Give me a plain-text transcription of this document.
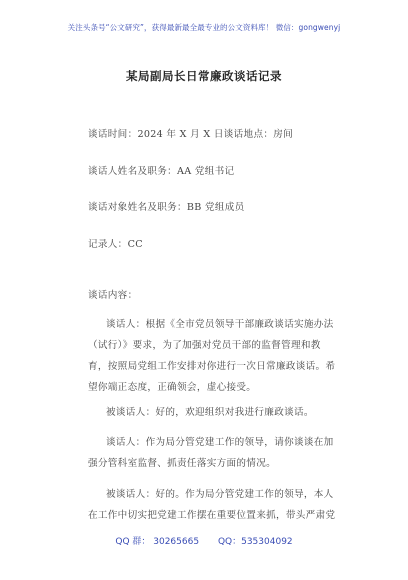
关注头条号“公文研究”，获得最新最全最专业的公文资料库！ 微信：gongwenyj
某局副局长日常廉政谈话记录
谈话时间：2024 年 X 月 X 日谈话地点：房间
谈话人姓名及职务：AA 党组书记
谈话对象姓名及职务：BB 党组成员
记录人：CC
谈话内容：
谈话人：根据《全市党员领导干部廉政谈话实施办法（试行）》要求，为了加强对党员干部的监督管理和教育，按照局党组工作安排对你进行一次日常廉政谈话。希望你端正态度，正确领会，虚心接受。
被谈话人：好的，欢迎组织对我进行廉政谈话。
谈话人：作为局分管党建工作的领导，请你谈谈在加强分管科室监督、抓责任落实方面的情况。
被谈话人：好的。作为局分管党建工作的领导，本人在工作中切实把党建工作摆在重要位置来抓，带头严肃党
QQ 群： 30265665 QQ：535304092
